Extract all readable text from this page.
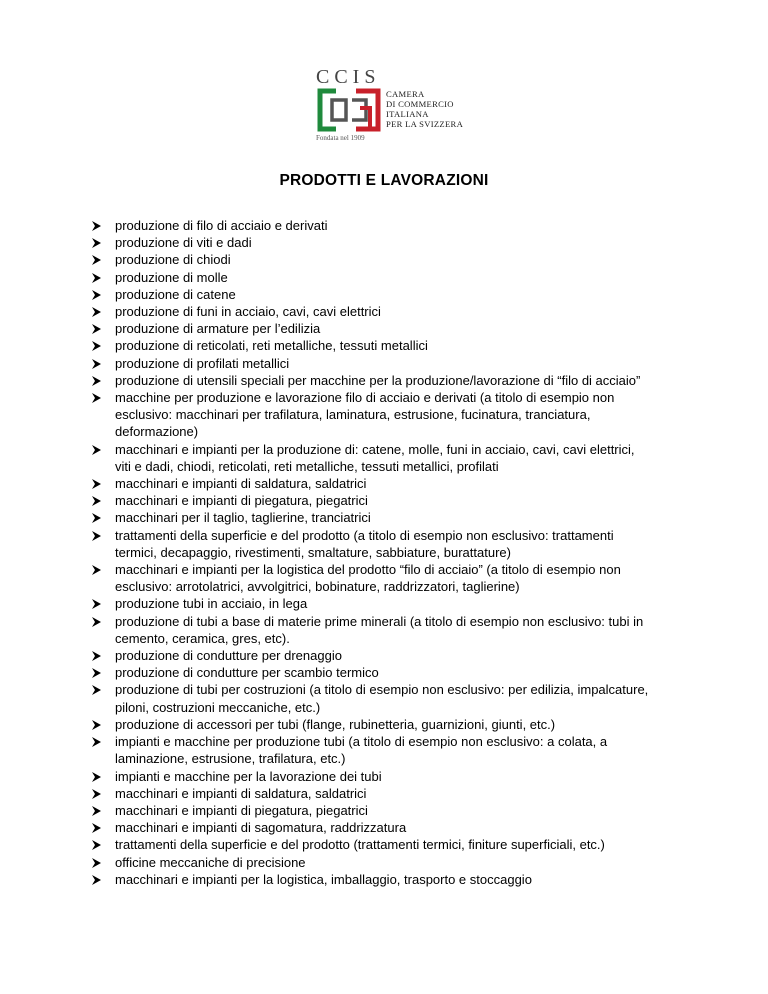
CCIS
CAMERA
DI COMMERCIO
ITALIANA
PER LA SVIZZERA
Fondata nel 1909
PRODOTTI E LAVORAZIONI
produzione di filo di acciaio e derivati
produzione di viti e dadi
produzione di chiodi
produzione di molle
produzione di catene
produzione di funi in acciaio, cavi, cavi elettrici
produzione di armature per l’edilizia
produzione di reticolati, reti metalliche, tessuti metallici
produzione di profilati metallici
produzione di utensili speciali per macchine per la produzione/lavorazione di “filo di acciaio”
macchine per produzione e lavorazione filo di acciaio e derivati (a titolo di esempio non
esclusivo: macchinari per trafilatura, laminatura, estrusione, fucinatura, tranciatura,
deformazione)
macchinari e impianti per la produzione di: catene, molle, funi in acciaio, cavi, cavi elettrici,
viti e dadi, chiodi, reticolati, reti metalliche, tessuti metallici, profilati
macchinari e impianti di saldatura, saldatrici
macchinari e impianti di piegatura, piegatrici
macchinari per il taglio, taglierine, tranciatrici
trattamenti della superficie e del prodotto (a titolo di esempio non esclusivo: trattamenti
termici, decapaggio, rivestimenti, smaltature, sabbiature, burattature)
macchinari e impianti per la logistica del prodotto “filo di acciaio” (a titolo di esempio non
esclusivo: arrotolatrici, avvolgitrici, bobinature, raddrizzatori, taglierine)
produzione tubi in acciaio, in lega
produzione di tubi a base di materie prime minerali (a titolo di esempio non esclusivo: tubi in
cemento, ceramica, gres, etc).
produzione di condutture per drenaggio
produzione di condutture per scambio termico
produzione di tubi per costruzioni (a titolo di esempio non esclusivo: per edilizia, impalcature,
piloni, costruzioni meccaniche, etc.)
produzione di accessori per tubi (flange, rubinetteria, guarnizioni, giunti, etc.)
impianti e macchine per produzione tubi (a titolo di esempio non esclusivo: a colata, a
laminazione, estrusione, trafilatura, etc.)
impianti e macchine per la lavorazione dei tubi
macchinari e impianti di saldatura, saldatrici
macchinari e impianti di piegatura, piegatrici
macchinari e impianti di sagomatura, raddrizzatura
trattamenti della superficie e del prodotto (trattamenti termici, finiture superficiali, etc.)
officine meccaniche di precisione
macchinari e impianti per la logistica, imballaggio, trasporto e stoccaggio
